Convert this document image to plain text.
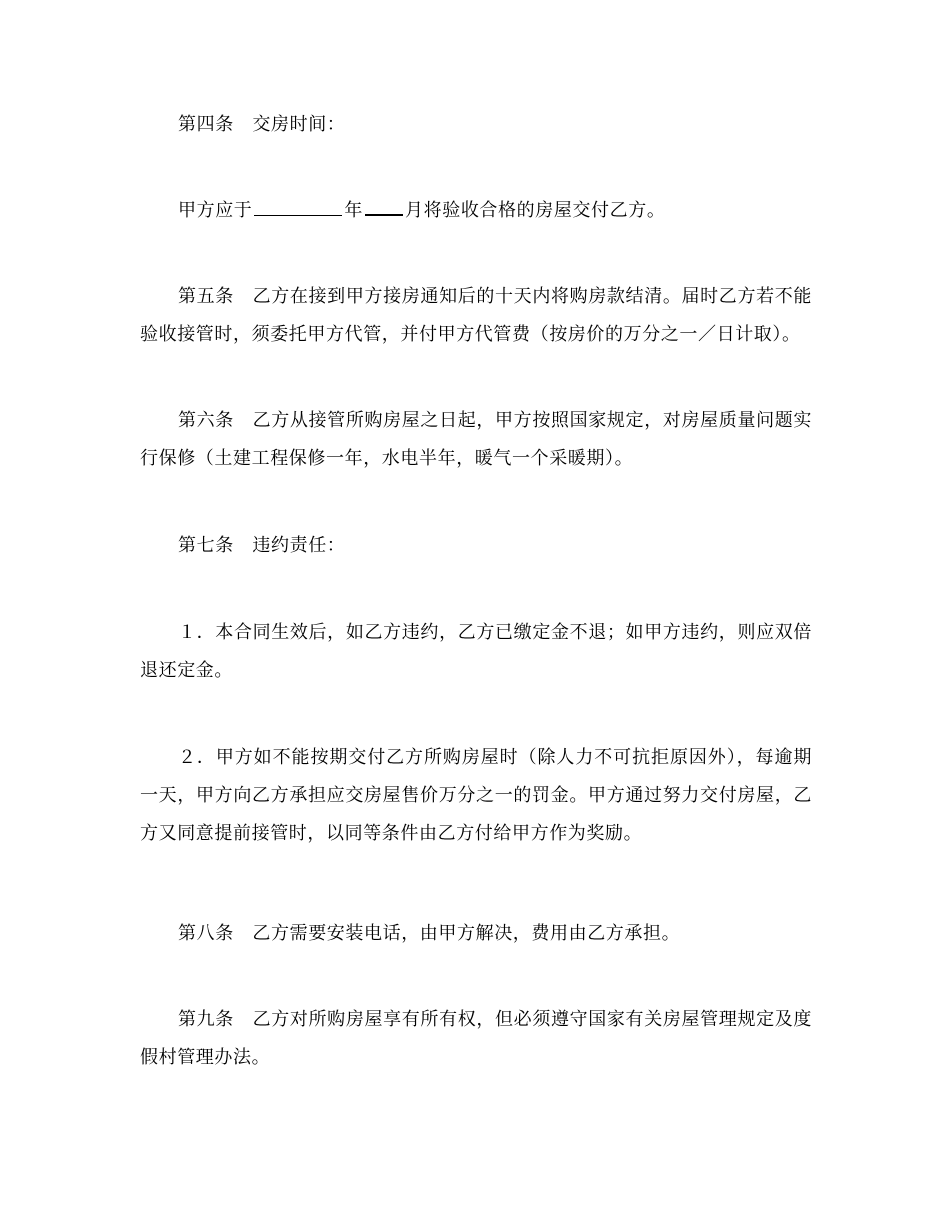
第四条　交房时间：

甲方应于	年 月将验收合格的房屋交付乙方。

第五条　乙方在接到甲方接房通知后的十天内将购房款结清。届时乙方若不能验收接管时，须委托甲方代管，并付甲方代管费（按房价的万分之一／日计取）。

第六条　乙方从接管所购房屋之日起，甲方按照国家规定，对房屋质量问题实行保修（土建工程保修一年，水电半年，暖气一个采暖期）。

第七条　违约责任：

１．本合同生效后，如乙方违约，乙方已缴定金不退；如甲方违约，则应双倍退还定金。

２．甲方如不能按期交付乙方所购房屋时（除人力不可抗拒原因外），每逾期一天，甲方向乙方承担应交房屋售价万分之一的罚金。甲方通过努力交付房屋，乙方又同意提前接管时，以同等条件由乙方付给甲方作为奖励。

第八条　乙方需要安装电话，由甲方解决，费用由乙方承担。

第九条　乙方对所购房屋享有所有权，但必须遵守国家有关房屋管理规定及度假村管理办法。
